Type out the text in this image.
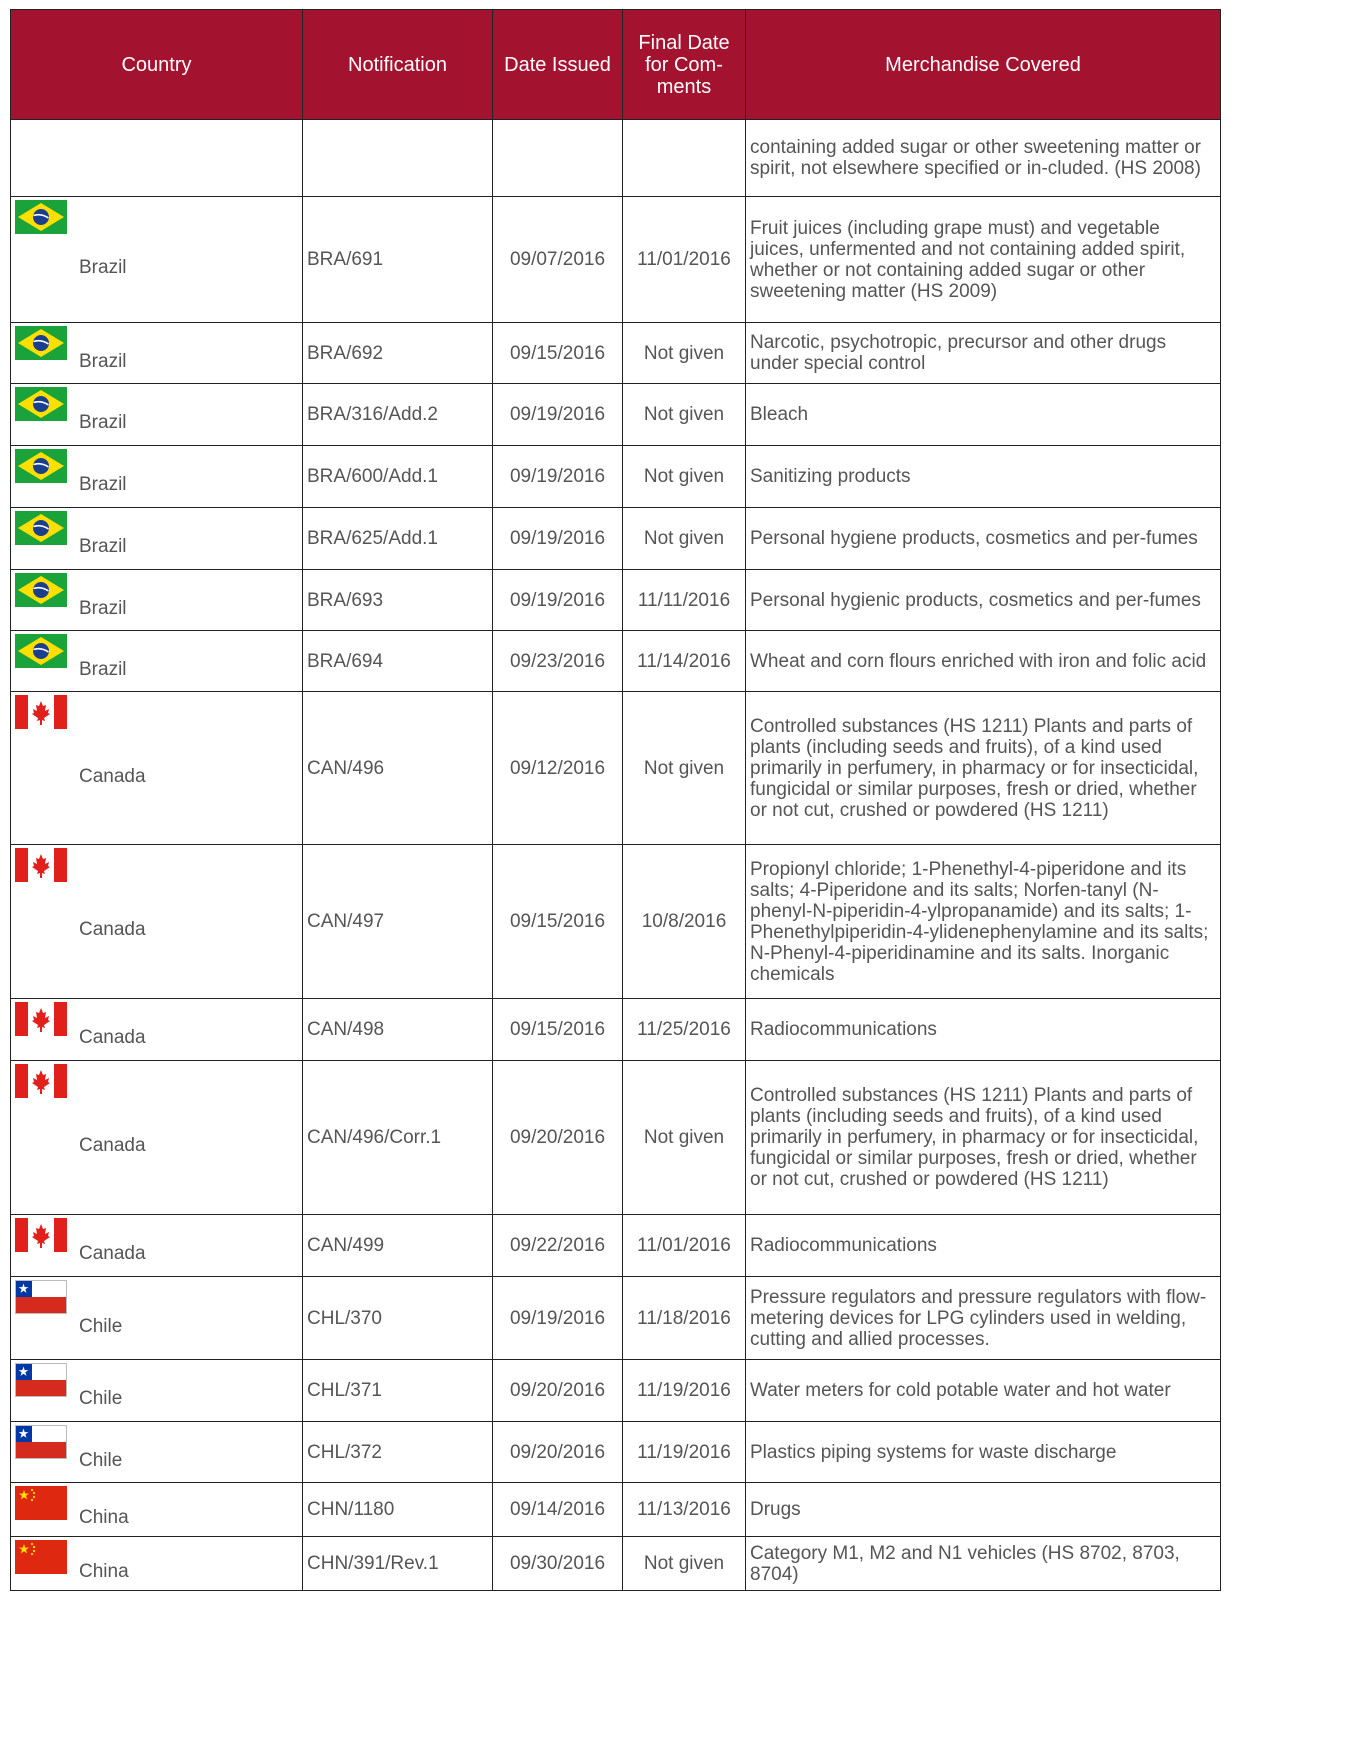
Country	Notification	Date Issued	Final Date
for Com-
ments	Merchandise Covered
				containing added sugar or other sweetening matter or spirit, not elsewhere specified or in-cluded. (HS 2008)

Brazil	BRA/691	09/07/2016	11/01/2016	Fruit juices (including grape must) and vegetable juices, unfermented and not containing added spirit, whether or not containing added sugar or other sweetening matter (HS 2009)

Brazil	BRA/692	09/15/2016	Not given	Narcotic, psychotropic, precursor and other drugs under special control

Brazil	BRA/316/Add.2	09/19/2016	Not given	Bleach

Brazil	BRA/600/Add.1	09/19/2016	Not given	Sanitizing products

Brazil	BRA/625/Add.1	09/19/2016	Not given	Personal hygiene products, cosmetics and per-fumes

Brazil	BRA/693	09/19/2016	11/11/2016	Personal hygienic products, cosmetics and per-fumes

Brazil	BRA/694	09/23/2016	11/14/2016	Wheat and corn flours enriched with iron and folic acid

Canada	CAN/496	09/12/2016	Not given	Controlled substances (HS 1211) Plants and parts of plants (including seeds and fruits), of a kind used primarily in perfumery, in pharmacy or for insecticidal, fungicidal or similar purposes, fresh or dried, whether or not cut, crushed or powdered (HS 1211)

Canada	CAN/497	09/15/2016	10/8/2016	Propionyl chloride; 1-Phenethyl-4-piperidone and its salts; 4-Piperidone and its salts; Norfen-tanyl (N-phenyl-N-piperidin-4-ylpropanamide) and its salts; 1-Phenethylpiperidin-4-ylidenephenylamine and its salts; N-Phenyl-4-piperidinamine and its salts. Inorganic chemicals

Canada	CAN/498	09/15/2016	11/25/2016	Radiocommunications

Canada	CAN/496/Corr.1	09/20/2016	Not given	Controlled substances (HS 1211) Plants and parts of plants (including seeds and fruits), of a kind used primarily in perfumery, in pharmacy or for insecticidal, fungicidal or similar purposes, fresh or dried, whether or not cut, crushed or powdered (HS 1211)

Canada	CAN/499	09/22/2016	11/01/2016	Radiocommunications

Chile	CHL/370	09/19/2016	11/18/2016	Pressure regulators and pressure regulators with flow-metering devices for LPG cylinders used in welding, cutting and allied processes.

Chile	CHL/371	09/20/2016	11/19/2016	Water meters for cold potable water and hot water

Chile	CHL/372	09/20/2016	11/19/2016	Plastics piping systems for waste discharge

China	CHN/1180	09/14/2016	11/13/2016	Drugs

China	CHN/391/Rev.1	09/30/2016	Not given	Category M1, M2 and N1 vehicles (HS 8702, 8703, 8704)
